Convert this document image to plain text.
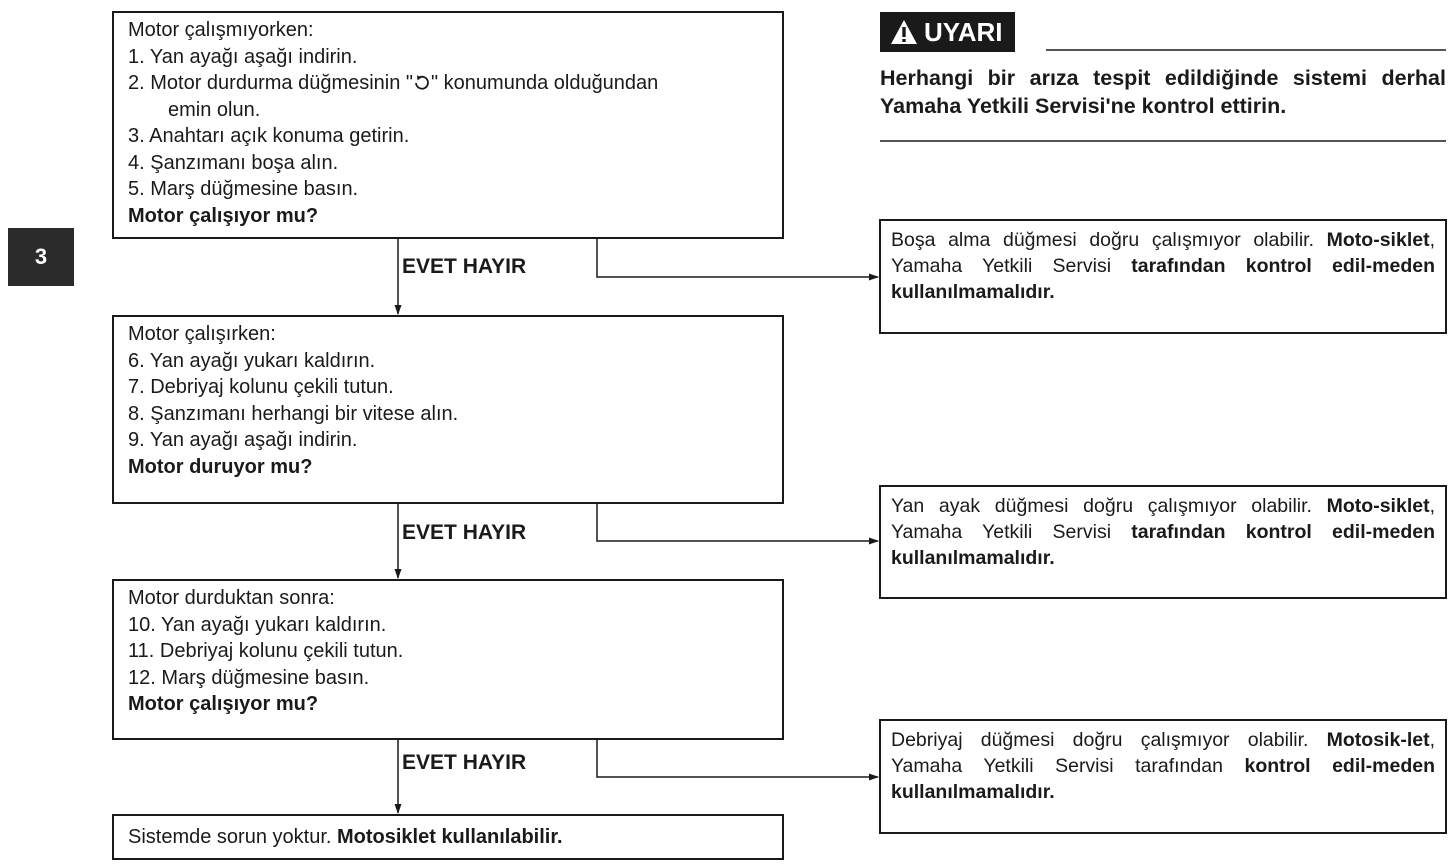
3
UYARI
Herhangi bir arıza tespit edildiğinde sistemi derhal Yamaha Yetkili Servisi'ne kontrol ettirin.
Motor çalışmıyorken:
1. Yan ayağı aşağı indirin.
2. Motor durdurma düğmesinin " " konumunda olduğundan
emin olun.
3. Anahtarı açık konuma getirin.
4. Şanzımanı boşa alın.
5. Marş düğmesine basın.
Motor çalışıyor mu?
Motor çalışırken:
6. Yan ayağı yukarı kaldırın.
7. Debriyaj kolunu çekili tutun.
8. Şanzımanı herhangi bir vitese alın.
9. Yan ayağı aşağı indirin.
Motor duruyor mu?
Motor durduktan sonra:
10. Yan ayağı yukarı kaldırın.
11. Debriyaj kolunu çekili tutun.
12. Marş düğmesine basın.
Motor çalışıyor mu?
Sistemde sorun yoktur. Motosiklet kullanılabilir.
EVET HAYIR
EVET HAYIR
EVET HAYIR
Boşa alma düğmesi doğru çalışmıyor olabilir. Moto-siklet, Yamaha Yetkili Servisi tarafından kontrol edil-meden kullanılmamalıdır.
Yan ayak düğmesi doğru çalışmıyor olabilir. Moto-siklet, Yamaha Yetkili Servisi tarafından kontrol edil-meden kullanılmamalıdır.
Debriyaj düğmesi doğru çalışmıyor olabilir. Motosik-let, Yamaha Yetkili Servisi tarafından kontrol edil-meden kullanılmamalıdır.
